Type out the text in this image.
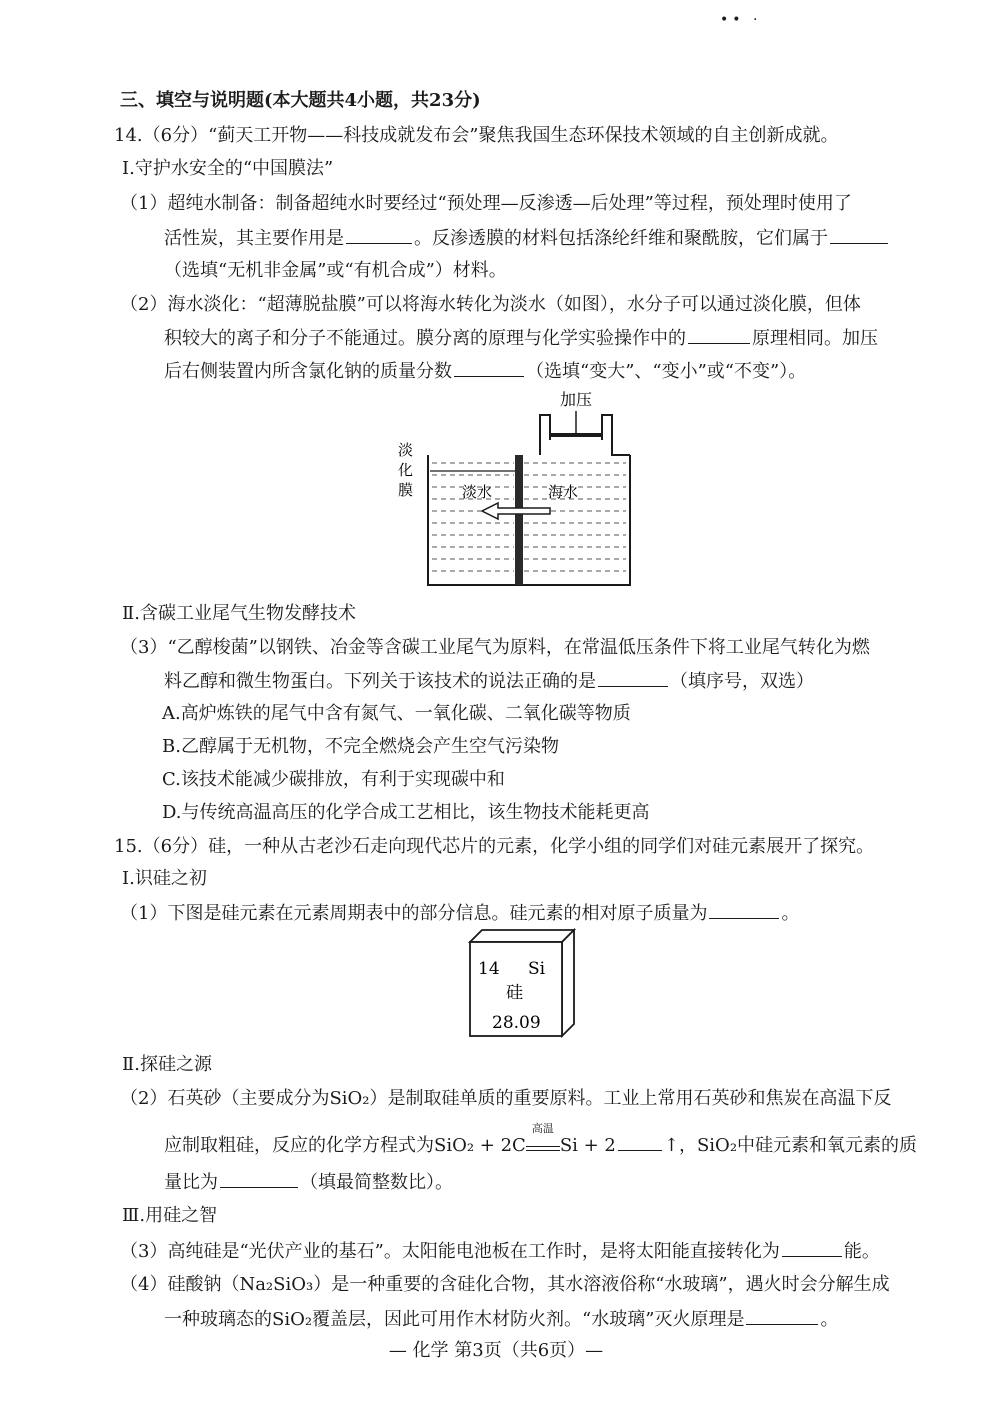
•• ·
三、填空与说明题(本大题共4小题，共23分)
14.（6分）“蓟天工开物——科技成就发布会”聚焦我国生态环保技术领域的自主创新成就。
Ⅰ.守护水安全的“中国膜法”
（1）超纯水制备：制备超纯水时要经过“预处理—反渗透—后处理”等过程，预处理时使用了
活性炭，其主要作用是	。反渗透膜的材料包括涤纶纤维和聚酰胺，它们属于
（选填“无机非金属”或“有机合成”）材料。
（2）海水淡化：“超薄脱盐膜”可以将海水转化为淡水（如图），水分子可以通过淡化膜，但体
积较大的离子和分子不能通过。膜分离的原理与化学实验操作中的	原理相同。加压
后右侧装置内所含氯化钠的质量分数	（选填“变大”、“变小”或“不变”）。
加压
淡
化
膜	淡水	海水
Ⅱ.含碳工业尾气生物发酵技术
（3）“乙醇梭菌”以钢铁、冶金等含碳工业尾气为原料，在常温低压条件下将工业尾气转化为燃
料乙醇和微生物蛋白。下列关于该技术的说法正确的是	（填序号，双选）
A.高炉炼铁的尾气中含有氮气、一氧化碳、二氧化碳等物质
B.乙醇属于无机物，不完全燃烧会产生空气污染物
C.该技术能减少碳排放，有利于实现碳中和
D.与传统高温高压的化学合成工艺相比，该生物技术能耗更高
15.（6分）硅，一种从古老沙石走向现代芯片的元素，化学小组的同学们对硅元素展开了探究。
Ⅰ.识硅之初
（1）下图是硅元素在元素周期表中的部分信息。硅元素的相对原子质量为	。
14 Si
硅
28.09
Ⅱ.探硅之源
（2）石英砂（主要成分为SiO₂）是制取硅单质的重要原料。工业上常用石英砂和焦炭在高温下反
应制取粗硅，反应的化学方程式为SiO₂ + 2C
高温
Si + 2	↑，SiO₂中硅元素和氧元素的质
量比为	（填最简整数比）。
Ⅲ.用硅之智
（3）高纯硅是“光伏产业的基石”。太阳能电池板在工作时，是将太阳能直接转化为	能。
（4）硅酸钠（Na₂SiO₃）是一种重要的含硅化合物，其水溶液俗称“水玻璃”，遇火时会分解生成
一种玻璃态的SiO₂覆盖层，因此可用作木材防火剂。“水玻璃”灭火原理是	。
— 化学 第3页（共6页）—
